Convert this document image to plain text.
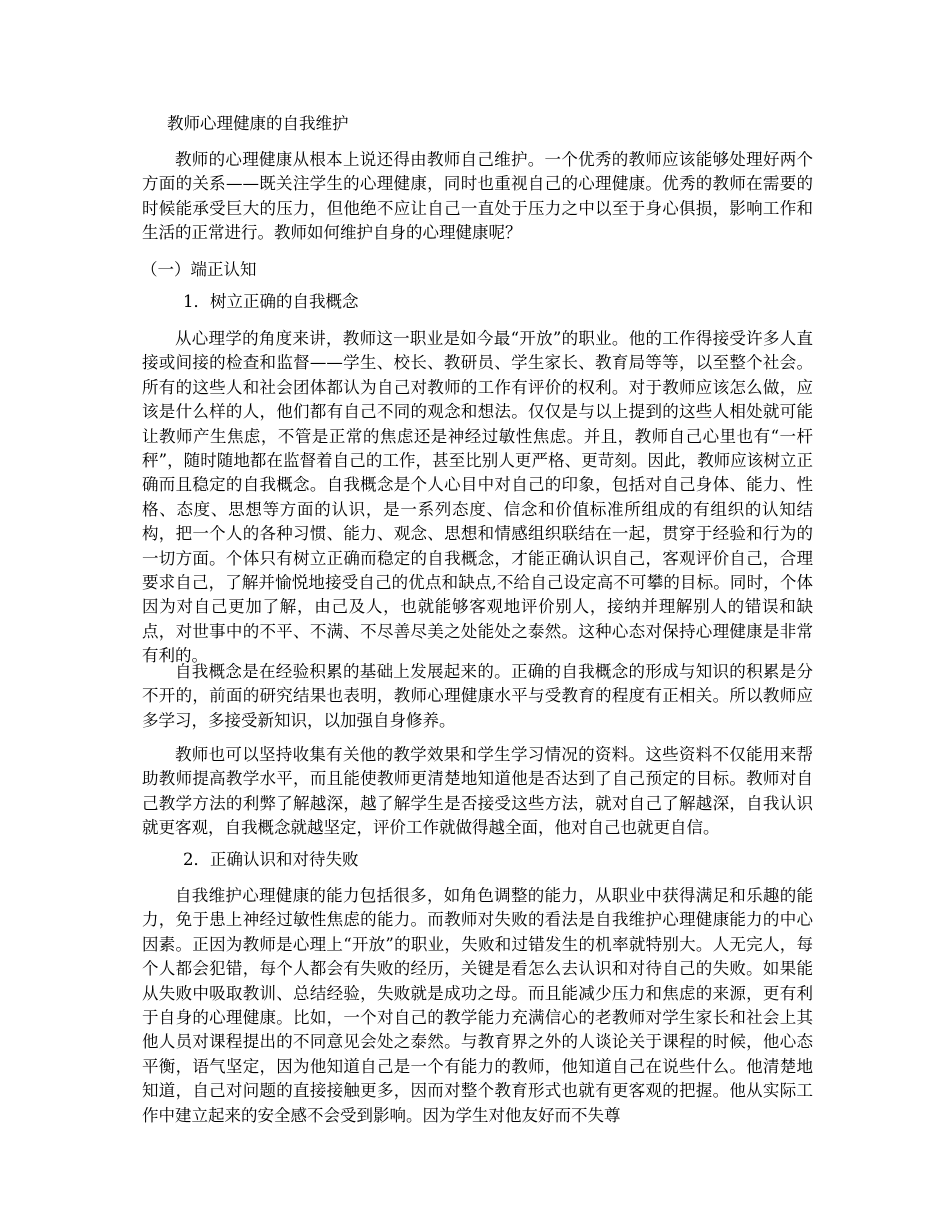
教师心理健康的自我维护

教师的心理健康从根本上说还得由教师自己维护。一个优秀的教师应该能够处理好两个方面的关系——既关注学生的心理健康，同时也重视自己的心理健康。优秀的教师在需要的时候能承受巨大的压力，但他绝不应让自己一直处于压力之中以至于身心俱损，影响工作和生活的正常进行。教师如何维护自身的心理健康呢？

（一）端正认知
1．树立正确的自我概念

从心理学的角度来讲，教师这一职业是如今最“开放”的职业。他的工作得接受许多人直接或间接的检查和监督——学生、校长、教研员、学生家长、教育局等等，以至整个社会。所有的这些人和社会团体都认为自己对教师的工作有评价的权利。对于教师应该怎么做，应该是什么样的人，他们都有自己不同的观念和想法。仅仅是与以上提到的这些人相处就可能让教师产生焦虑，不管是正常的焦虑还是神经过敏性焦虑。并且，教师自己心里也有“一杆秤”，随时随地都在监督着自己的工作，甚至比别人更严格、更苛刻。因此，教师应该树立正确而且稳定的自我概念。自我概念是个人心目中对自己的印象，包括对自己身体、能力、性格、态度、思想等方面的认识，是一系列态度、信念和价值标准所组成的有组织的认知结构，把一个人的各种习惯、能力、观念、思想和情感组织联结在一起，贯穿于经验和行为的一切方面。个体只有树立正确而稳定的自我概念，才能正确认识自己，客观评价自己，合理要求自己，了解并愉悦地接受自己的优点和缺点,不给自己设定高不可攀的目标。同时，个体因为对自己更加了解，由己及人，也就能够客观地评价别人，接纳并理解别人的错误和缺点，对世事中的不平、不满、不尽善尽美之处能处之泰然。这种心态对保持心理健康是非常有利的。

自我概念是在经验积累的基础上发展起来的。正确的自我概念的形成与知识的积累是分不开的，前面的研究结果也表明，教师心理健康水平与受教育的程度有正相关。所以教师应多学习，多接受新知识，以加强自身修养。

教师也可以坚持收集有关他的教学效果和学生学习情况的资料。这些资料不仅能用来帮助教师提高教学水平，而且能使教师更清楚地知道他是否达到了自己预定的目标。教师对自己教学方法的利弊了解越深，越了解学生是否接受这些方法，就对自己了解越深，自我认识就更客观，自我概念就越坚定，评价工作就做得越全面，他对自己也就更自信。

2．正确认识和对待失败

自我维护心理健康的能力包括很多，如角色调整的能力，从职业中获得满足和乐趣的能力，免于患上神经过敏性焦虑的能力。而教师对失败的看法是自我维护心理健康能力的中心因素。正因为教师是心理上“开放”的职业，失败和过错发生的机率就特别大。人无完人，每个人都会犯错，每个人都会有失败的经历，关键是看怎么去认识和对待自己的失败。如果能从失败中吸取教训、总结经验，失败就是成功之母。而且能减少压力和焦虑的来源，更有利于自身的心理健康。比如，一个对自己的教学能力充满信心的老教师对学生家长和社会上其他人员对课程提出的不同意见会处之泰然。与教育界之外的人谈论关于课程的时候，他心态平衡，语气坚定，因为他知道自己是一个有能力的教师，他知道自己在说些什么。他清楚地知道，自己对问题的直接接触更多，因而对整个教育形式也就有更客观的把握。他从实际工作中建立起来的安全感不会受到影响。因为学生对他友好而不失尊
